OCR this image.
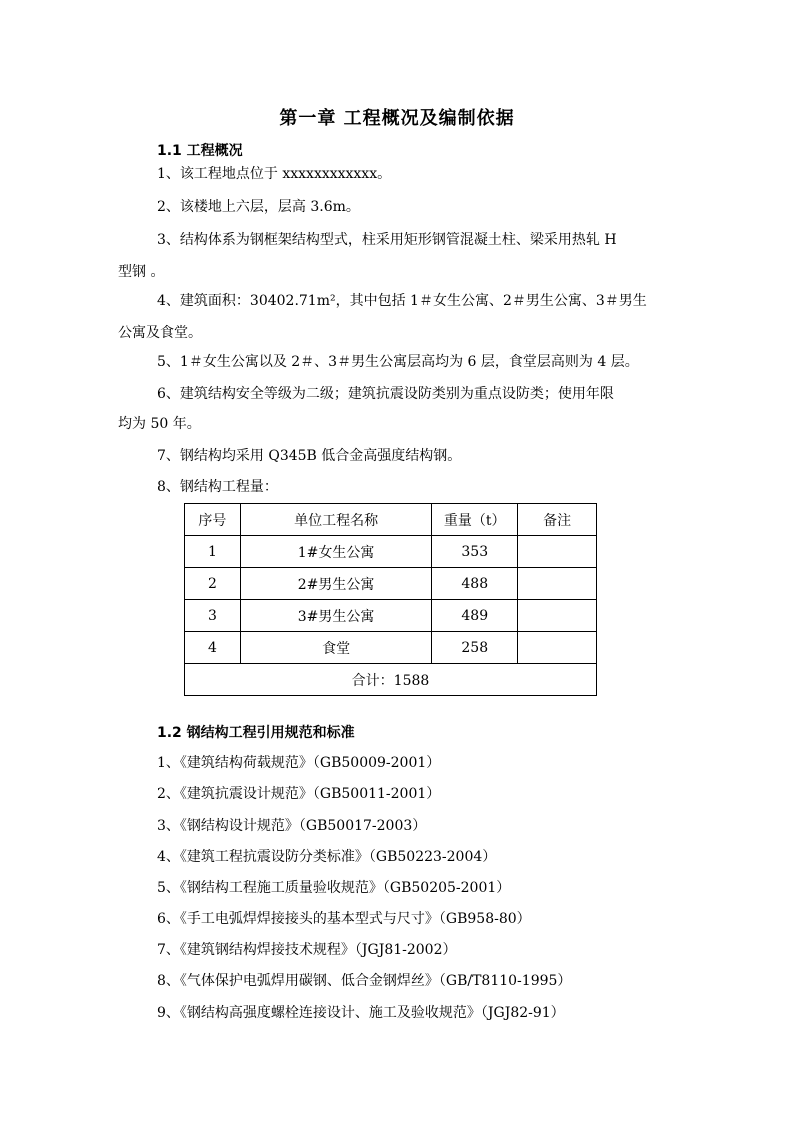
第一章 工程概况及编制依据
1.1 工程概况
1、该工程地点位于 xxxxxxxxxxxx。
2、该楼地上六层，层高 3.6m。
3、结构体系为钢框架结构型式，柱采用矩形钢管混凝土柱、梁采用热轧 H
型钢 。
4、建筑面积：30402.71m²，其中包括 1＃女生公寓、2＃男生公寓、3＃男生
公寓及食堂。
5、1＃女生公寓以及 2＃、3＃男生公寓层高均为 6 层，食堂层高则为 4 层。
6、建筑结构安全等级为二级；建筑抗震设防类别为重点设防类；使用年限
均为 50 年。
7、钢结构均采用 Q345B 低合金高强度结构钢。
8、钢结构工程量：
序号	单位工程名称	重量（t）	备注
1	1#女生公寓	353	
2	2#男生公寓	488	
3	3#男生公寓	489	
4	食堂	258	
合计：1588			
1.2 钢结构工程引用规范和标准
1、《建筑结构荷载规范》（GB50009-2001）
2、《建筑抗震设计规范》（GB50011-2001）
3、《钢结构设计规范》（GB50017-2003）
4、《建筑工程抗震设防分类标准》（GB50223-2004）
5、《钢结构工程施工质量验收规范》（GB50205-2001）
6、《手工电弧焊焊接接头的基本型式与尺寸》（GB958-80）
7、《建筑钢结构焊接技术规程》（JGJ81-2002）
8、《气体保护电弧焊用碳钢、低合金钢焊丝》（GB/T8110-1995）
9、《钢结构高强度螺栓连接设计、施工及验收规范》（JGJ82-91）
